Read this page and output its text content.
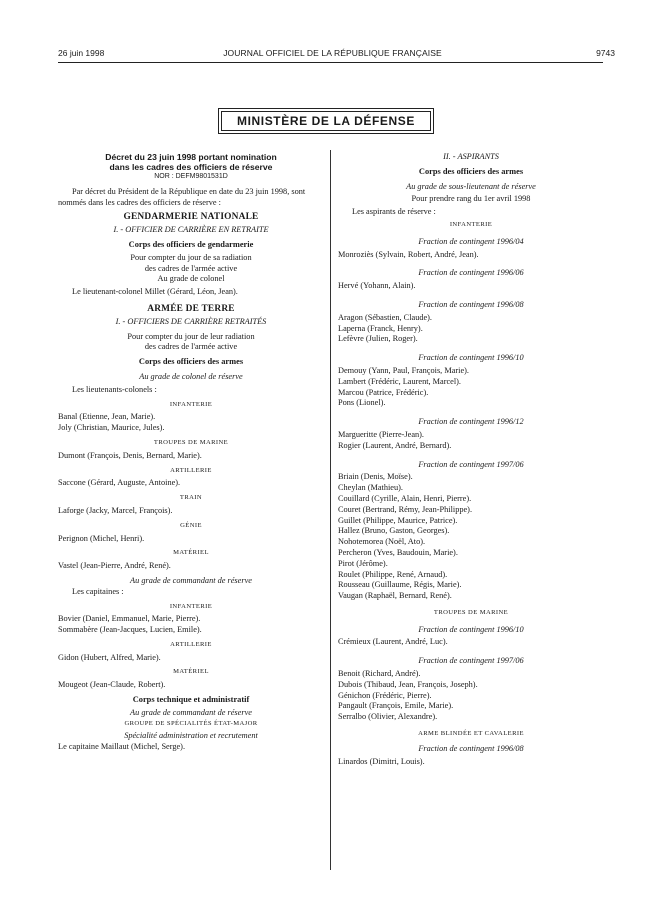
26 juin 1998	JOURNAL OFFICIEL DE LA RÉPUBLIQUE FRANÇAISE	9743
MINISTÈRE DE LA DÉFENSE

Décret du 23 juin 1998 portant nomination

dans les cadres des officiers de réserve

NOR : DEFM9801531D

Par décret du Président de la République en date du 23 juin 1998, sont nommés dans les cadres des officiers de réserve :

GENDARMERIE NATIONALE

I. - OFFICIER DE CARRIÈRE EN RETRAITE

Corps des officiers de gendarmerie

Pour compter du jour de sa radiation

des cadres de l'armée active

Au grade de colonel

Le lieutenant-colonel Millet (Gérard, Léon, Jean).

ARMÉE DE TERRE

I. - OFFICIERS DE CARRIÈRE RETRAITÉS

Pour compter du jour de leur radiation

des cadres de l'armée active

Corps des officiers des armes

Au grade de colonel de réserve

Les lieutenants-colonels :

INFANTERIE

Banal (Etienne, Jean, Marie).

Joly (Christian, Maurice, Jules).

TROUPES DE MARINE

Dumont (François, Denis, Bernard, Marie).

ARTILLERIE

Saccone (Gérard, Auguste, Antoine).

TRAIN

Laforge (Jacky, Marcel, François).

GÉNIE

Perignon (Michel, Henri).

MATÉRIEL

Vastel (Jean-Pierre, André, René).

Au grade de commandant de réserve

Les capitaines :

INFANTERIE

Bovier (Daniel, Emmanuel, Marie, Pierre).

Sommabère (Jean-Jacques, Lucien, Emile).

ARTILLERIE

Gidon (Hubert, Alfred, Marie).

MATÉRIEL

Mougeot (Jean-Claude, Robert).

Corps technique et administratif

Au grade de commandant de réserve

GROUPE DE SPÉCIALITÉS ÉTAT-MAJOR

Spécialité administration et recrutement

Le capitaine Maillaut (Michel, Serge).

II. - ASPIRANTS

Corps des officiers des armes

Au grade de sous-lieutenant de réserve

Pour prendre rang du 1er avril 1998

Les aspirants de réserve :

INFANTERIE

Fraction de contingent 1996/04

Monroziès (Sylvain, Robert, André, Jean).

Fraction de contingent 1996/06

Hervé (Yohann, Alain).

Fraction de contingent 1996/08

Aragon (Sébastien, Claude).

Laperna (Franck, Henry).

Lefèvre (Julien, Roger).

Fraction de contingent 1996/10

Demouy (Yann, Paul, François, Marie).

Lambert (Frédéric, Laurent, Marcel).

Marcou (Patrice, Frédéric).

Pons (Lionel).

Fraction de contingent 1996/12

Margueritte (Pierre-Jean).

Rogier (Laurent, André, Bernard).

Fraction de contingent 1997/06

Briain (Denis, Moïse).

Cheylan (Mathieu).

Couillard (Cyrille, Alain, Henri, Pierre).

Couret (Bertrand, Rémy, Jean-Philippe).

Guillet (Philippe, Maurice, Patrice).

Hallez (Bruno, Gaston, Georges).

Nohotemorea (Noël, Ato).

Percheron (Yves, Baudouin, Marie).

Pirot (Jérôme).

Roulet (Philippe, René, Arnaud).

Rousseau (Guillaume, Régis, Marie).

Vaugan (Raphaël, Bernard, René).

TROUPES DE MARINE

Fraction de contingent 1996/10

Crémieux (Laurent, André, Luc).

Fraction de contingent 1997/06

Benoit (Richard, André).

Dubois (Thibaud, Jean, François, Joseph).

Génichon (Frédéric, Pierre).

Pangault (François, Emile, Marie).

Serralbo (Olivier, Alexandre).

ARME BLINDÉE ET CAVALERIE

Fraction de contingent 1996/08

Linardos (Dimitri, Louis).
